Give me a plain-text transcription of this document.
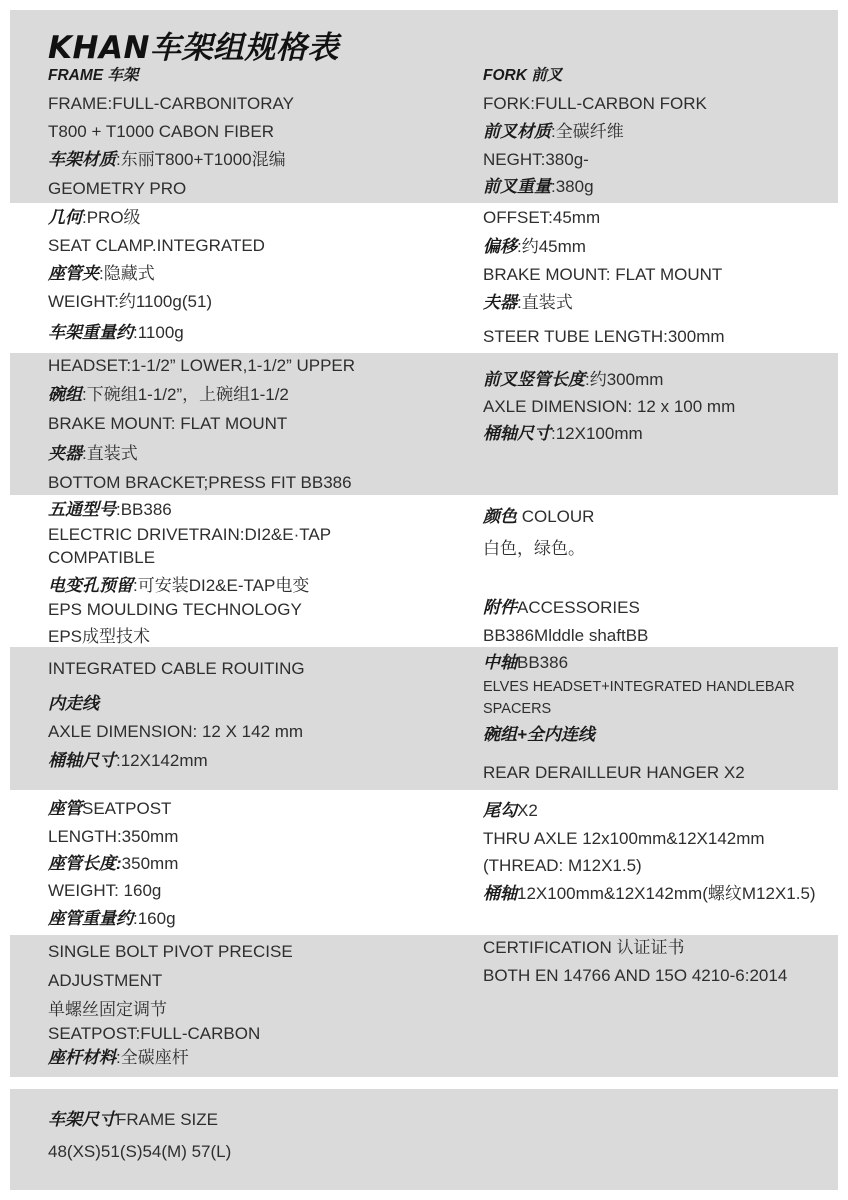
KHAN车架组规格表
FRAME 车架
FRAME:FULL-CARBONITORAY
T800 + T1000 CABON FIBER
车架材质:东丽T800+T1000混编
GEOMETRY PRO
几何:PRO级
SEAT CLAMP.INTEGRATED
座管夹:隐藏式
WEIGHT:约1100g(51)
车架重量约:1100g
HEADSET:1-1/2” LOWER,1-1/2” UPPER
碗组:下碗组1-1/2”，上碗组1-1/2
BRAKE MOUNT: FLAT MOUNT
夹器:直装式
BOTTOM BRACKET;PRESS FIT BB386
五通型号:BB386
ELECTRIC DRIVETRAIN:DI2&E·TAP
COMPATIBLE
电变孔预留:可安装DI2&E-TAP电变
EPS MOULDING TECHNOLOGY
EPS成型技术
INTEGRATED CABLE ROUITING
内走线
AXLE DIMENSION: 12 X 142 mm
桶轴尺寸:12X142mm
座管SEATPOST
LENGTH:350mm
座管长度:350mm
WEIGHT: 160g
座管重量约:160g
SINGLE BOLT PIVOT PRECISE
ADJUSTMENT
单螺丝固定调节
SEATPOST:FULL-CARBON
座杆材料:全碳座杆
车架尺寸FRAME SIZE
48(XS)51(S)54(M) 57(L)
FORK 前叉
FORK:FULL-CARBON FORK
前叉材质:全碳纤维
NEGHT:380g-
前叉重量:380g
OFFSET:45mm
偏移:约45mm
BRAKE MOUNT: FLAT MOUNT
夫器:直装式
STEER TUBE LENGTH:300mm
前叉竖管长度:约300mm
AXLE DIMENSION: 12 x 100 mm
桶轴尺寸:12X100mm
颜色 COLOUR
白色，绿色。
附件ACCESSORIES
BB386Mlddle shaftBB
中轴BB386
ELVES HEADSET+INTEGRATED HANDLEBAR
SPACERS
碗组+全内连线
REAR DERAILLEUR HANGER X2
尾勾X2
THRU AXLE 12x100mm&12X142mm
(THREAD: M12X1.5)
桶轴12X100mm&12X142mm(螺纹M12X1.5)
CERTIFICATION 认证证书
BOTH EN 14766 AND 15O 4210-6:2014
